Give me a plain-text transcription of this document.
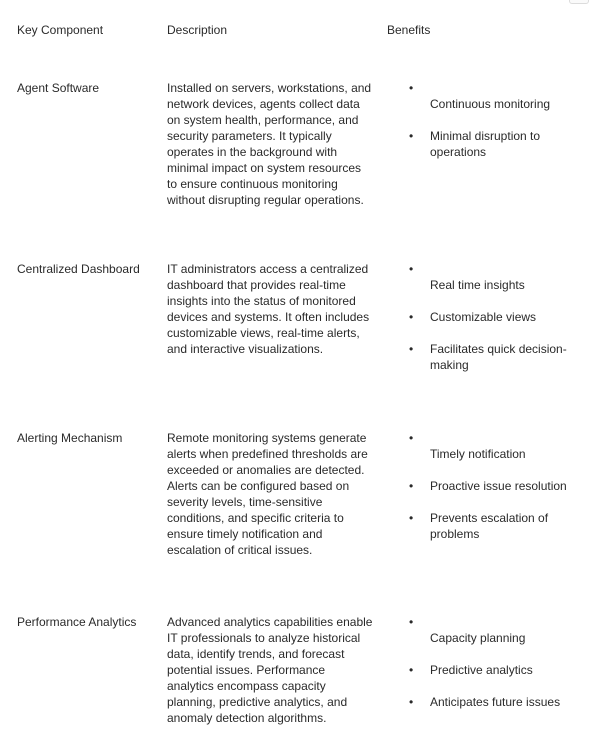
Key Component	Description	Benefits
Agent Software	Installed on servers, workstations, and network devices, agents collect data on system health, performance, and security parameters. It typically operates in the background with minimal impact on system resources to ensure continuous monitoring without disrupting regular operations.
•
Continuous monitoring
• Minimal disruption to operations
Centralized Dashboard	IT administrators access a centralized dashboard that provides real-time insights into the status of monitored devices and systems. It often includes customizable views, real-time alerts, and interactive visualizations.
•
Real time insights
• Customizable views
• Facilitates quick decision-making
Alerting Mechanism	Remote monitoring systems generate alerts when predefined thresholds are exceeded or anomalies are detected. Alerts can be configured based on severity levels, time-sensitive conditions, and specific criteria to ensure timely notification and escalation of critical issues.
•
Timely notification
• Proactive issue resolution
• Prevents escalation of problems
Performance Analytics	Advanced analytics capabilities enable IT professionals to analyze historical data, identify trends, and forecast potential issues. Performance analytics encompass capacity planning, predictive analytics, and anomaly detection algorithms.
•
Capacity planning
• Predictive analytics
• Anticipates future issues
